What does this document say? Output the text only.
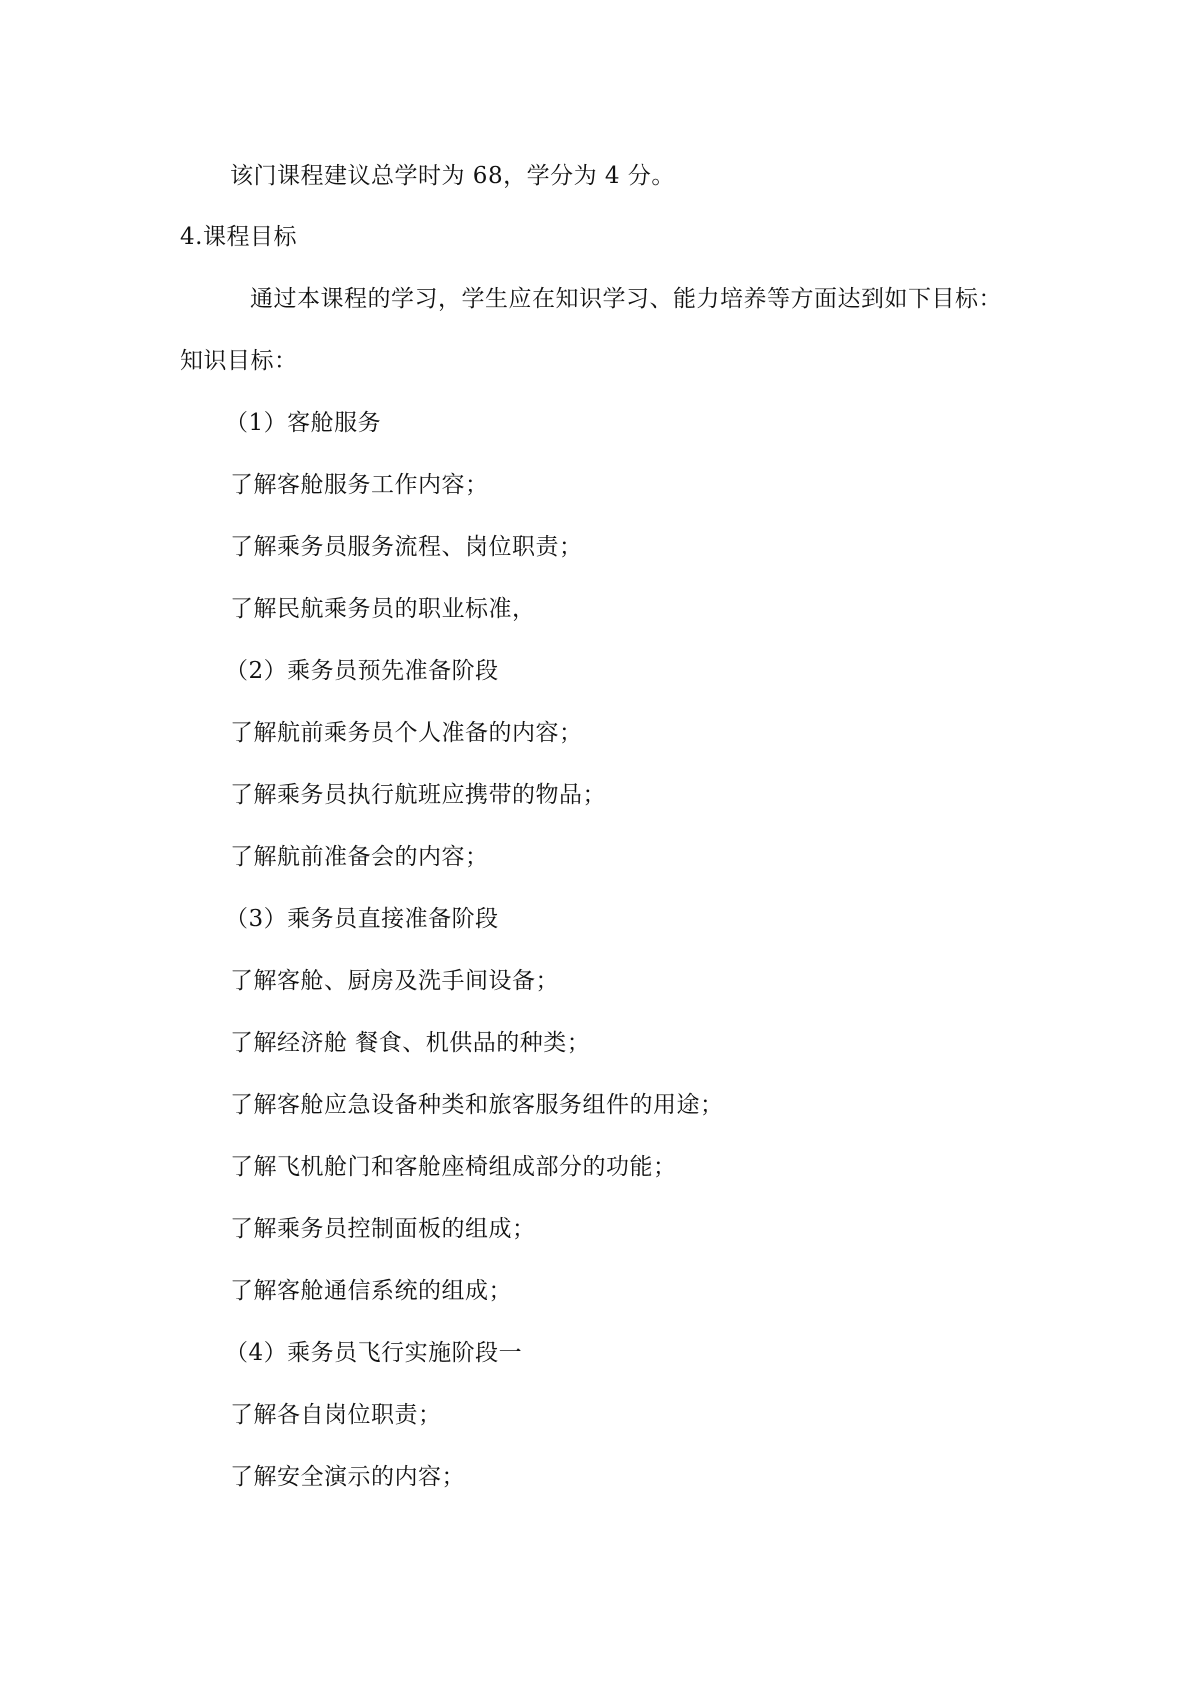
该门课程建议总学时为 68，学分为 4 分。
4.课程目标
通过本课程的学习，学生应在知识学习、能力培养等方面达到如下目标：
知识目标：
（1）客舱服务
了解客舱服务工作内容；
了解乘务员服务流程、岗位职责；
了解民航乘务员的职业标准，
（2）乘务员预先准备阶段
了解航前乘务员个人准备的内容；
了解乘务员执行航班应携带的物品；
了解航前准备会的内容；
（3）乘务员直接准备阶段
了解客舱、厨房及洗手间设备；
了解经济舱 餐食、机供品的种类；
了解客舱应急设备种类和旅客服务组件的用途；
了解飞机舱门和客舱座椅组成部分的功能；
了解乘务员控制面板的组成；
了解客舱通信系统的组成；
（4）乘务员飞行实施阶段一
了解各自岗位职责；
了解安全演示的内容；
